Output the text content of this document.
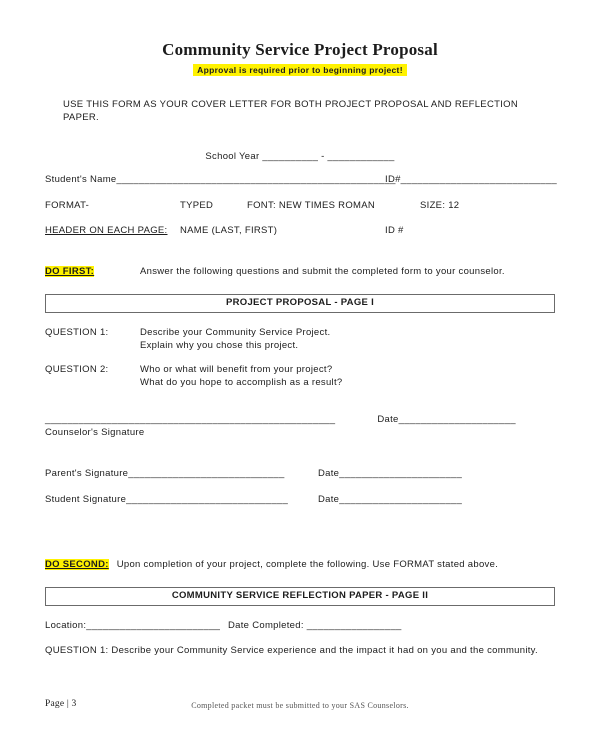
Community Service Project Proposal
Approval is required prior to beginning project!
USE THIS FORM AS YOUR COVER LETTER FOR BOTH PROJECT PROPOSAL AND REFLECTION PAPER.
School Year __________ - ____________
Student's Name__________________________________________________
ID#____________________________
FORMAT-	TYPED	FONT: NEW TIMES ROMAN	SIZE: 12
HEADER ON EACH PAGE:	NAME (LAST, FIRST)	ID #
DO FIRST:	Answer the following questions and submit the completed form to your counselor.
PROJECT PROPOSAL - PAGE I
QUESTION 1:	Describe your Community Service Project.
Explain why you chose this project.
QUESTION 2:	Who or what will benefit from your project?
What do you hope to accomplish as a result?
____________________________________________________	Date_____________________
Counselor's Signature
Parent's Signature____________________________	Date______________________
Student Signature_____________________________	Date______________________
DO SECOND: Upon completion of your project, complete the following. Use FORMAT stated above.
COMMUNITY SERVICE REFLECTION PAPER - PAGE II
Location:________________________ Date Completed: _________________
QUESTION 1: Describe your Community Service experience and the impact it had on you and the community.
Page | 3	Completed packet must be submitted to your SAS Counselors.
